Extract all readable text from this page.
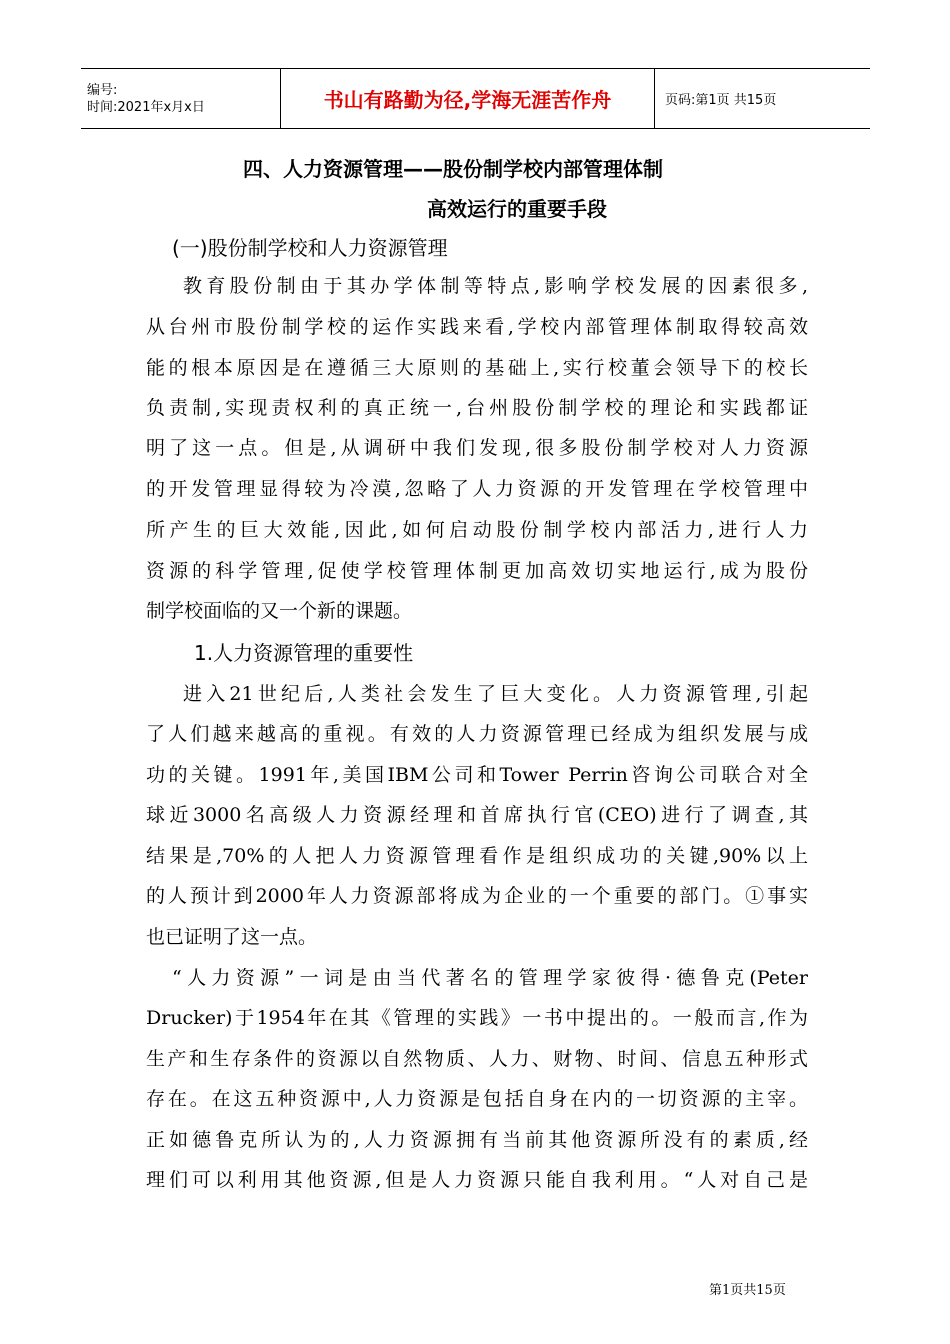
编号:
时间:2021年x月x日	书山有路勤为径,学海无涯苦作舟	页码:第1页 共15页
四、人力资源管理——股份制学校内部管理体制
高效运行的重要手段
(一)股份制学校和人力资源管理
教育股份制由于其办学体制等特点,影响学校发展的因素很多,
从台州市股份制学校的运作实践来看,学校内部管理体制取得较高效
能的根本原因是在遵循三大原则的基础上,实行校董会领导下的校长
负责制,实现责权利的真正统一,台州股份制学校的理论和实践都证
明了这一点。但是,从调研中我们发现,很多股份制学校对人力资源
的开发管理显得较为冷漠,忽略了人力资源的开发管理在学校管理中
所产生的巨大效能,因此,如何启动股份制学校内部活力,进行人力
资源的科学管理,促使学校管理体制更加高效切实地运行,成为股份
制学校面临的又一个新的课题。
1.人力资源管理的重要性
进入21世纪后,人类社会发生了巨大变化。人力资源管理,引起
了人们越来越高的重视。有效的人力资源管理已经成为组织发展与成
功的关键。1991年,美国IBM公司和Tower Perrin咨询公司联合对全
球近3000名高级人力资源经理和首席执行官(CEO)进行了调查,其
结果是,70%的人把人力资源管理看作是组织成功的关键,90%以上
的人预计到2000年人力资源部将成为企业的一个重要的部门。①事实
也已证明了这一点。
“人力资源”一词是由当代著名的管理学家彼得·德鲁克(Peter
Drucker)于1954年在其《管理的实践》一书中提出的。一般而言,作为
生产和生存条件的资源以自然物质、人力、财物、时间、信息五种形式
存在。在这五种资源中,人力资源是包括自身在内的一切资源的主宰。
正如德鲁克所认为的,人力资源拥有当前其他资源所没有的素质,经
理们可以利用其他资源,但是人力资源只能自我利用。“人对自己是
第1页共15页
